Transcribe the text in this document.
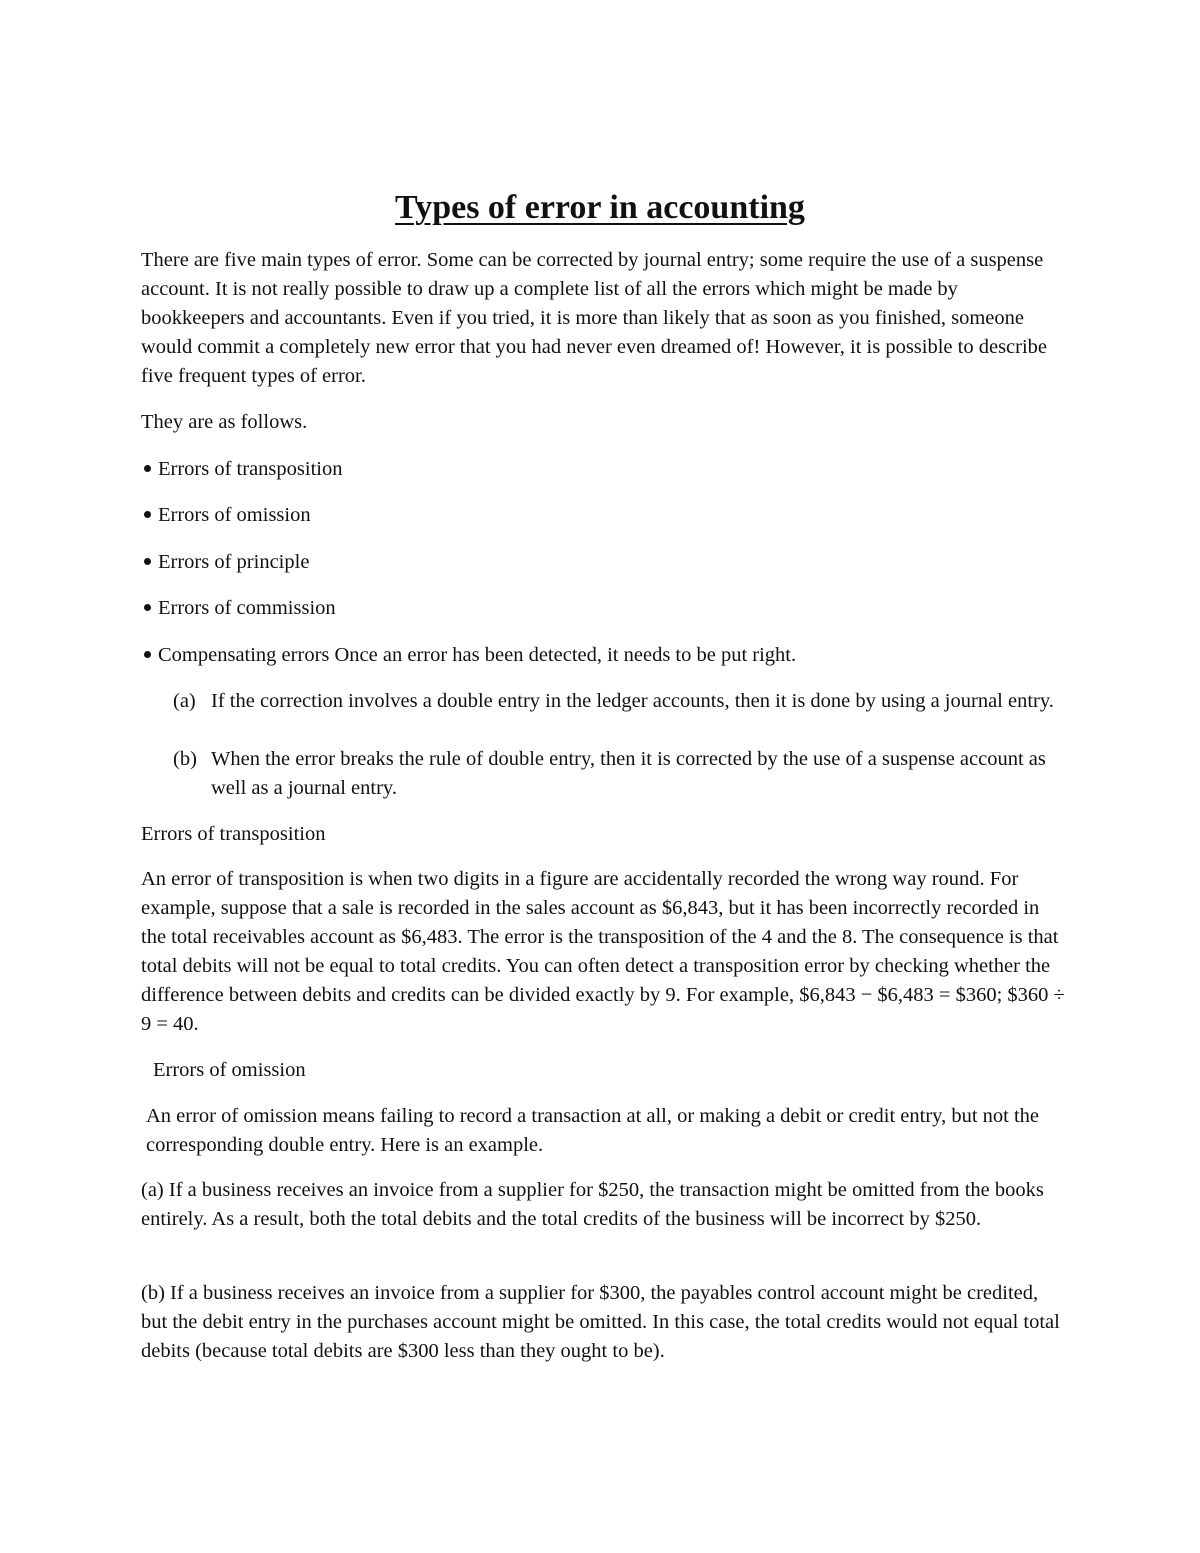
Types of error in accounting

There are five main types of error. Some can be corrected by journal entry; some require the use of a suspense account. It is not really possible to draw up a complete list of all the errors which might be made by bookkeepers and accountants. Even if you tried, it is more than likely that as soon as you finished, someone would commit a completely new error that you had never even dreamed of! However, it is possible to describe five frequent types of error.

They are as follows.

Errors of transposition
Errors of omission
Errors of principle
Errors of commission
Compensating errors Once an error has been detected, it needs to be put right.
(a) If the correction involves a double entry in the ledger accounts, then it is done by using a journal entry.
(b) When the error breaks the rule of double entry, then it is corrected by the use of a suspense account as well as a journal entry.

Errors of transposition

An error of transposition is when two digits in a figure are accidentally recorded the wrong way round. For example, suppose that a sale is recorded in the sales account as $6,843, but it has been incorrectly recorded in the total receivables account as $6,483. The error is the transposition of the 4 and the 8. The consequence is that total debits will not be equal to total credits. You can often detect a transposition error by checking whether the difference between debits and credits can be divided exactly by 9. For example, $6,843 − $6,483 = $360; $360 ÷ 9 = 40.

Errors of omission

An error of omission means failing to record a transaction at all, or making a debit or credit entry, but not the corresponding double entry. Here is an example.

(a) If a business receives an invoice from a supplier for $250, the transaction might be omitted from the books entirely. As a result, both the total debits and the total credits of the business will be incorrect by $250.

(b) If a business receives an invoice from a supplier for $300, the payables control account might be credited, but the debit entry in the purchases account might be omitted. In this case, the total credits would not equal total debits (because total debits are $300 less than they ought to be).
